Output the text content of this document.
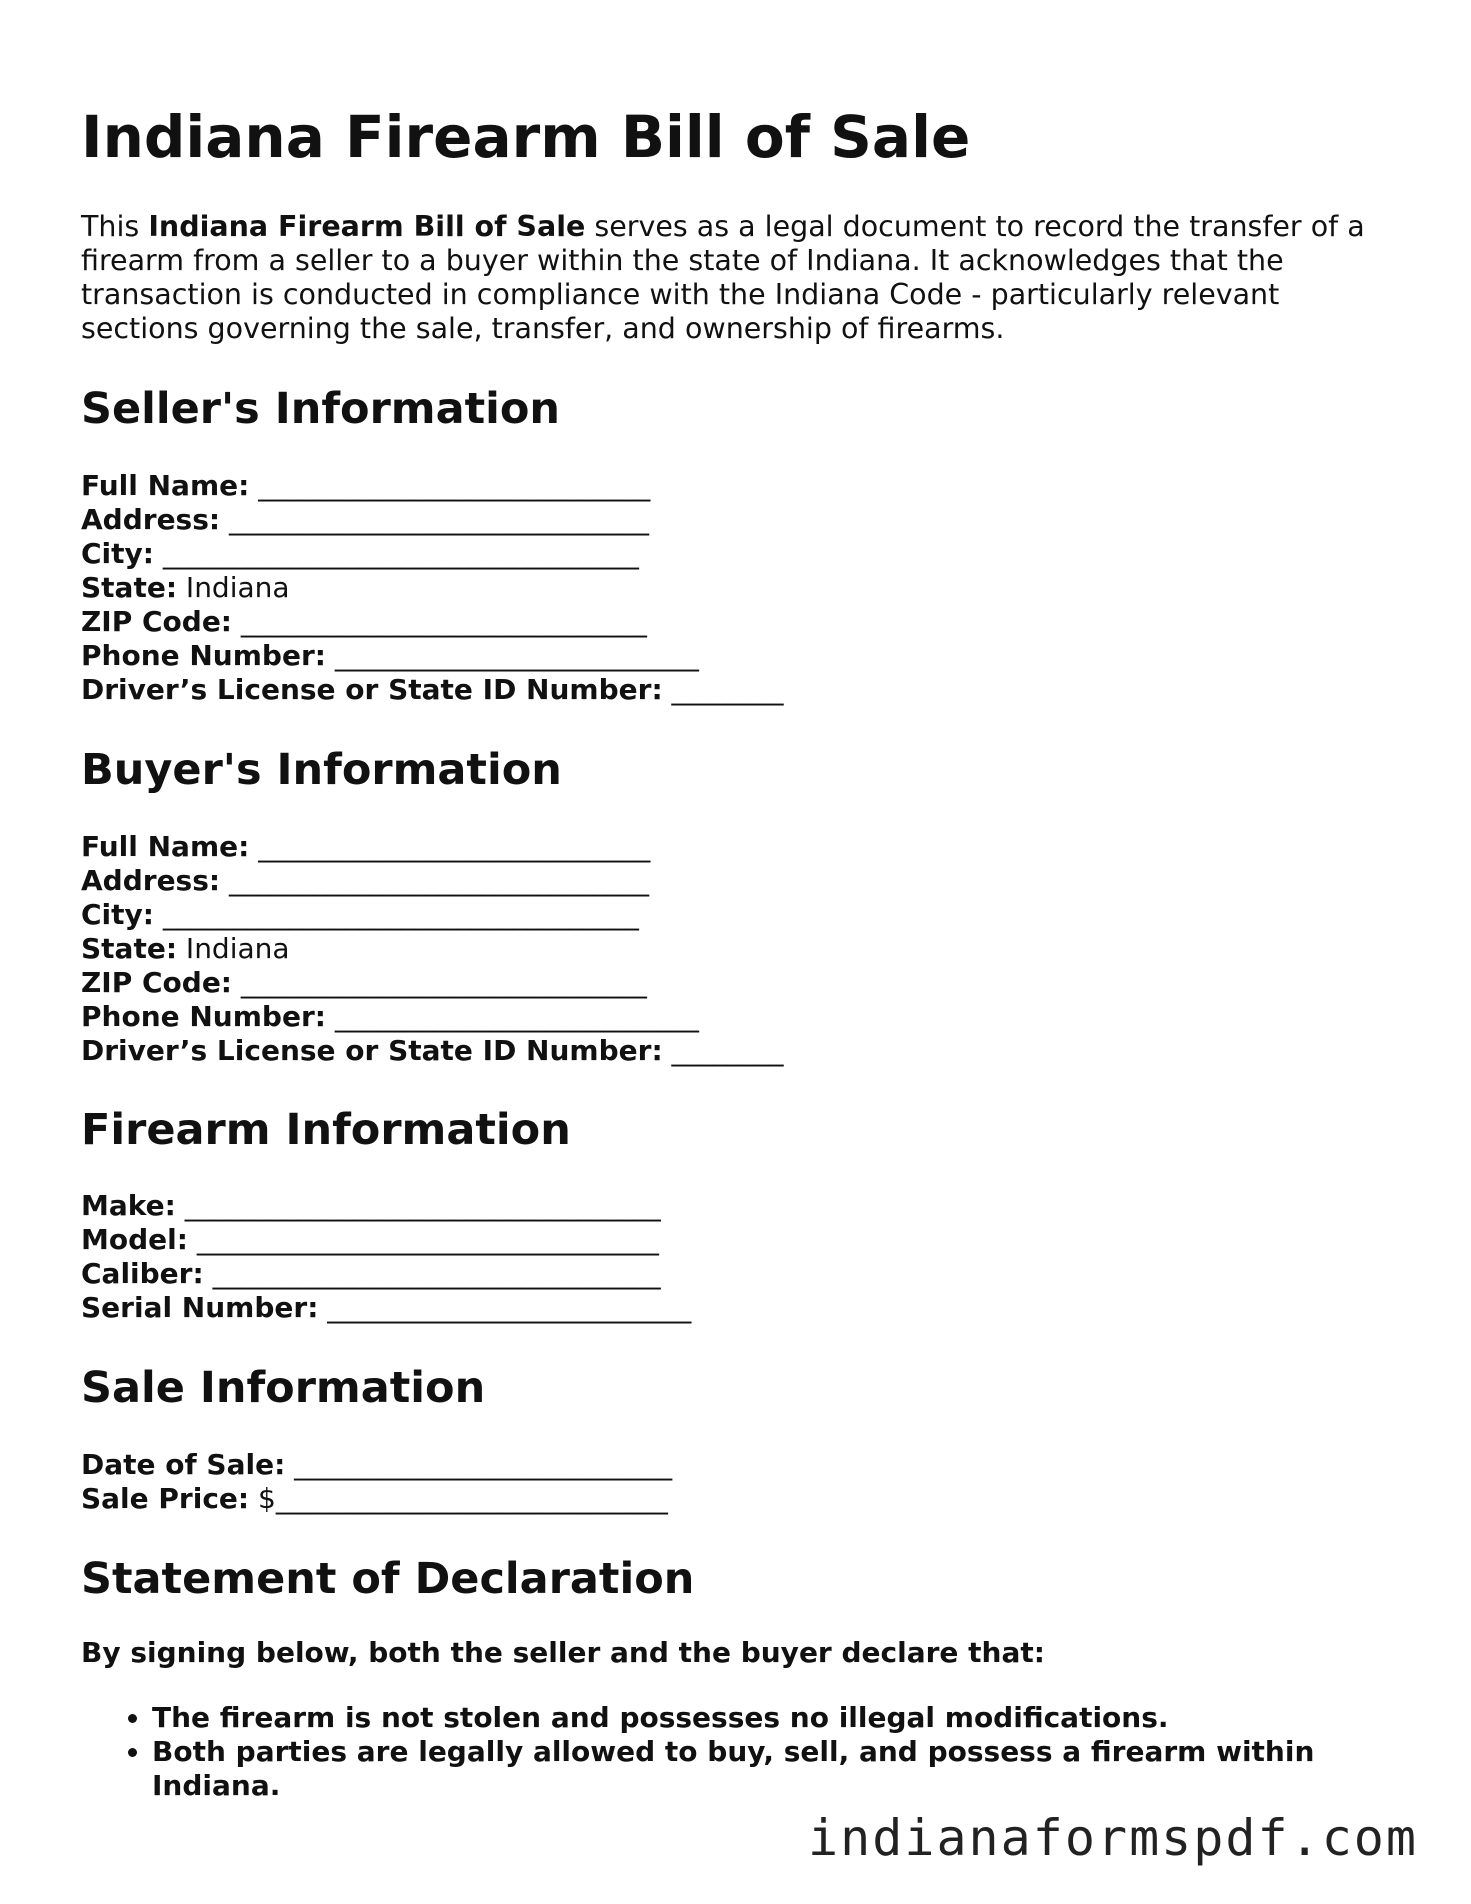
Indiana Firearm Bill of Sale

This Indiana Firearm Bill of Sale serves as a legal document to record the transfer of a firearm from a seller to a buyer within the state of Indiana. It acknowledges that the transaction is conducted in compliance with the Indiana Code - particularly relevant sections governing the sale, transfer, and ownership of firearms.

Seller's Information
Full Name: ____________________________
Address: ______________________________
City: __________________________________
State: Indiana
ZIP Code: _____________________________
Phone Number: __________________________
Driver’s License or State ID Number: ________
Buyer's Information
Full Name: ____________________________
Address: ______________________________
City: __________________________________
State: Indiana
ZIP Code: _____________________________
Phone Number: __________________________
Driver’s License or State ID Number: ________
Firearm Information
Make: __________________________________
Model: _________________________________
Caliber: ________________________________
Serial Number: __________________________
Sale Information
Date of Sale: ___________________________
Sale Price: $____________________________
Statement of Declaration

By signing below, both the seller and the buyer declare that:

• The firearm is not stolen and possesses no illegal modifications.
• Both parties are legally allowed to buy, sell, and possess a firearm within Indiana.
indianaformspdf.com
